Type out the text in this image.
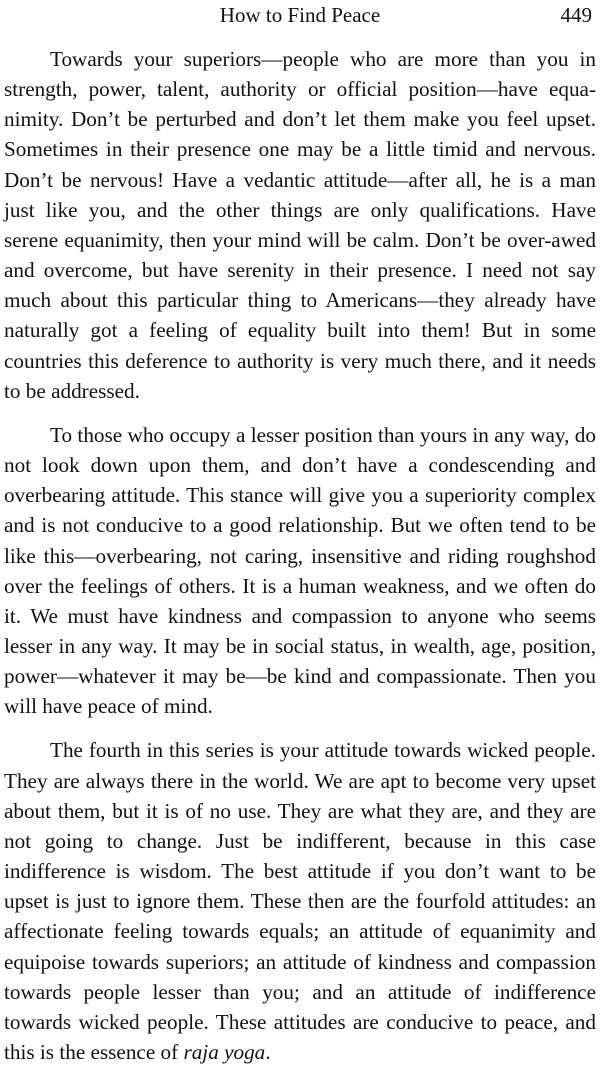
How to Find Peace	449

Towards your superiors—people who are more than you in strength, power, talent, authority or official position—have equanimity. Don’t be perturbed and don’t let them make you feel upset. Sometimes in their presence one may be a little timid and nervous. Don’t be nervous! Have a vedantic attitude—after all, he is a man just like you, and the other things are only qualifications. Have serene equanimity, then your mind will be calm. Don’t be over-awed and overcome, but have serenity in their presence. I need not say much about this particular thing to Americans—they already have naturally got a feeling of equality built into them! But in some countries this deference to authority is very much there, and it needs to be addressed.

To those who occupy a lesser position than yours in any way, do not look down upon them, and don’t have a condescending and overbearing attitude. This stance will give you a superiority complex and is not conducive to a good relationship. But we often tend to be like this—overbearing, not caring, insensitive and riding roughshod over the feelings of others. It is a human weakness, and we often do it. We must have kindness and compassion to anyone who seems lesser in any way. It may be in social status, in wealth, age, position, power—whatever it may be—be kind and compassionate. Then you will have peace of mind.

The fourth in this series is your attitude towards wicked people. They are always there in the world. We are apt to become very upset about them, but it is of no use. They are what they are, and they are not going to change. Just be indifferent, because in this case indifference is wisdom. The best attitude if you don’t want to be upset is just to ignore them. These then are the fourfold attitudes: an affectionate feeling towards equals; an attitude of equanimity and equipoise towards superiors; an attitude of kindness and compassion towards people lesser than you; and an attitude of indifference towards wicked people. These attitudes are conducive to peace, and this is the essence of raja yoga.
